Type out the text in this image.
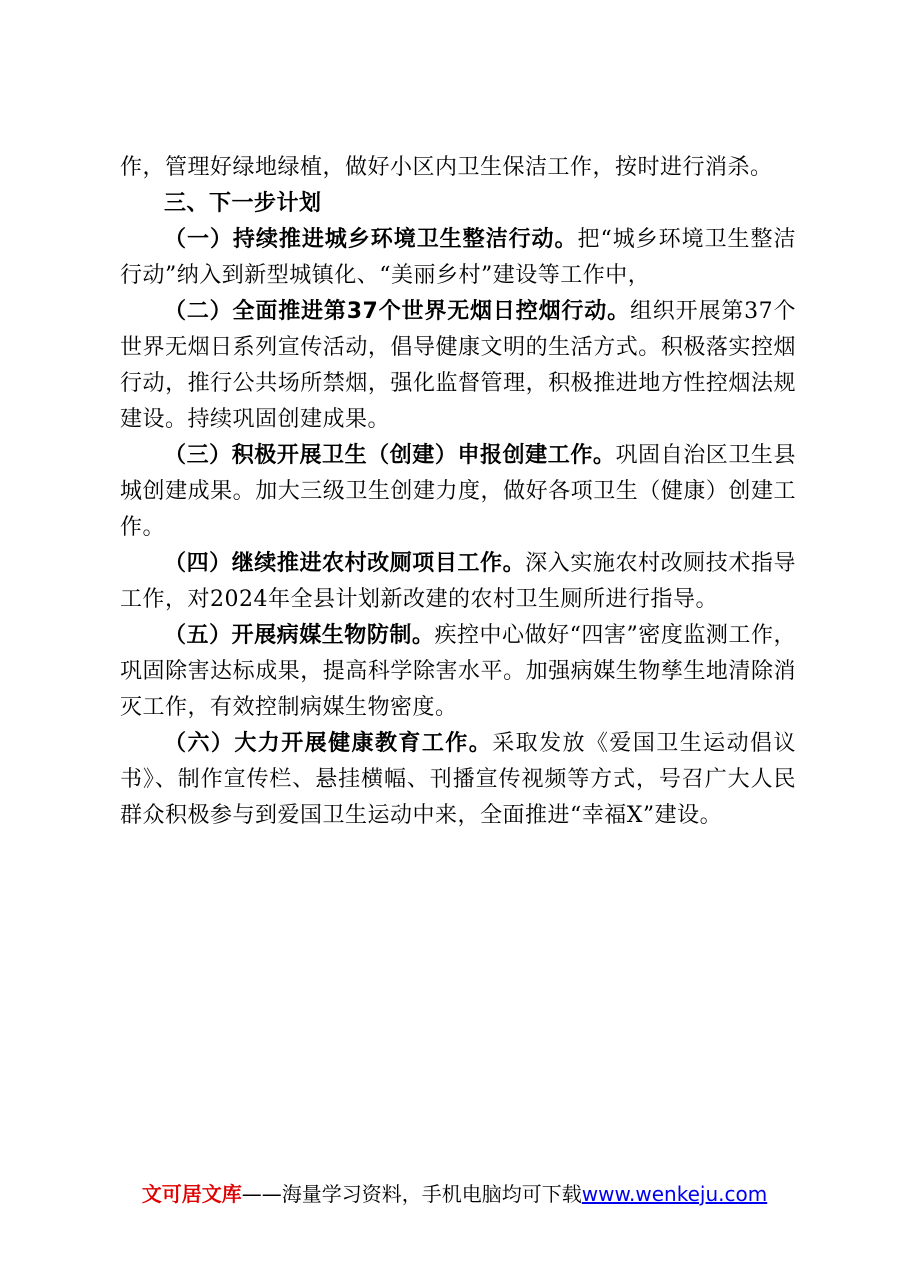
作，管理好绿地绿植，做好小区内卫生保洁工作，按时进行消杀。

三、下一步计划

（一）持续推进城乡环境卫生整洁行动。把“城乡环境卫生整洁行动”纳入到新型城镇化、“美丽乡村”建设等工作中，

（二）全面推进第37个世界无烟日控烟行动。组织开展第37个世界无烟日系列宣传活动，倡导健康文明的生活方式。积极落实控烟行动，推行公共场所禁烟，强化监督管理，积极推进地方性控烟法规建设。持续巩固创建成果。

（三）积极开展卫生（创建）申报创建工作。巩固自治区卫生县城创建成果。加大三级卫生创建力度，做好各项卫生（健康）创建工作。

（四）继续推进农村改厕项目工作。深入实施农村改厕技术指导工作，对2024年全县计划新改建的农村卫生厕所进行指导。

（五）开展病媒生物防制。疾控中心做好“四害”密度监测工作，巩固除害达标成果，提高科学除害水平。加强病媒生物孳生地清除消灭工作，有效控制病媒生物密度。

（六）大力开展健康教育工作。采取发放《爱国卫生运动倡议书》、制作宣传栏、悬挂横幅、刊播宣传视频等方式，号召广大人民群众积极参与到爱国卫生运动中来，全面推进“幸福X”建设。

文可居文库——海量学习资料，手机电脑均可下载www.wenkeju.com
